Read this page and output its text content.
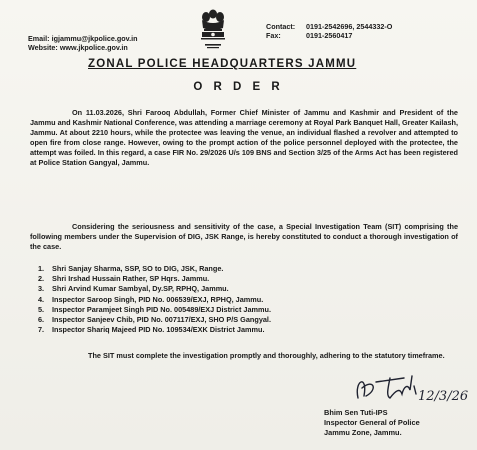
Email: igjammu@jkpolice.gov.in
Website: www.jkpolice.gov.in
Contact:	0191-2542696, 2544332-O
Fax:	0191-2560417
ZONAL POLICE HEADQUARTERS JAMMU
O R D E R
On 11.03.2026, Shri Farooq Abdullah, Former Chief Minister of Jammu and Kashmir and President of the Jammu and Kashmir National Conference, was attending a marriage ceremony at Royal Park Banquet Hall, Greater Kailash, Jammu. At about 2210 hours, while the protectee was leaving the venue, an individual flashed a revolver and attempted to open fire from close range. However, owing to the prompt action of the police personnel deployed with the protectee, the attempt was foiled. In this regard, a case FIR No. 29/2026 U/s 109 BNS and Section 3/25 of the Arms Act has been registered at Police Station Gangyal, Jammu.
Considering the seriousness and sensitivity of the case, a Special Investigation Team (SIT) comprising the following members under the Supervision of DIG, JSK Range, is hereby constituted to conduct a thorough investigation of the case.
1.	Shri Sanjay Sharma, SSP, SO to DIG, JSK, Range.
2.	Shri Irshad Hussain Rather, SP Hqrs. Jammu.
3.	Shri Arvind Kumar Sambyal, Dy.SP, RPHQ, Jammu.
4.	Inspector Saroop Singh, PID No. 006539/EXJ, RPHQ, Jammu.
5.	Inspector Paramjeet Singh PID No. 005489/EXJ District Jammu.
6.	Inspector Sanjeev Chib, PID No. 007117/EXJ, SHO P/S Gangyal.
7.	Inspector Shariq Majeed PID No. 109534/EXK District Jammu.
The SIT must complete the investigation promptly and thoroughly, adhering to the statutory timeframe.
12/3/26
Bhim Sen Tuti-IPS
Inspector General of Police
Jammu Zone, Jammu.
